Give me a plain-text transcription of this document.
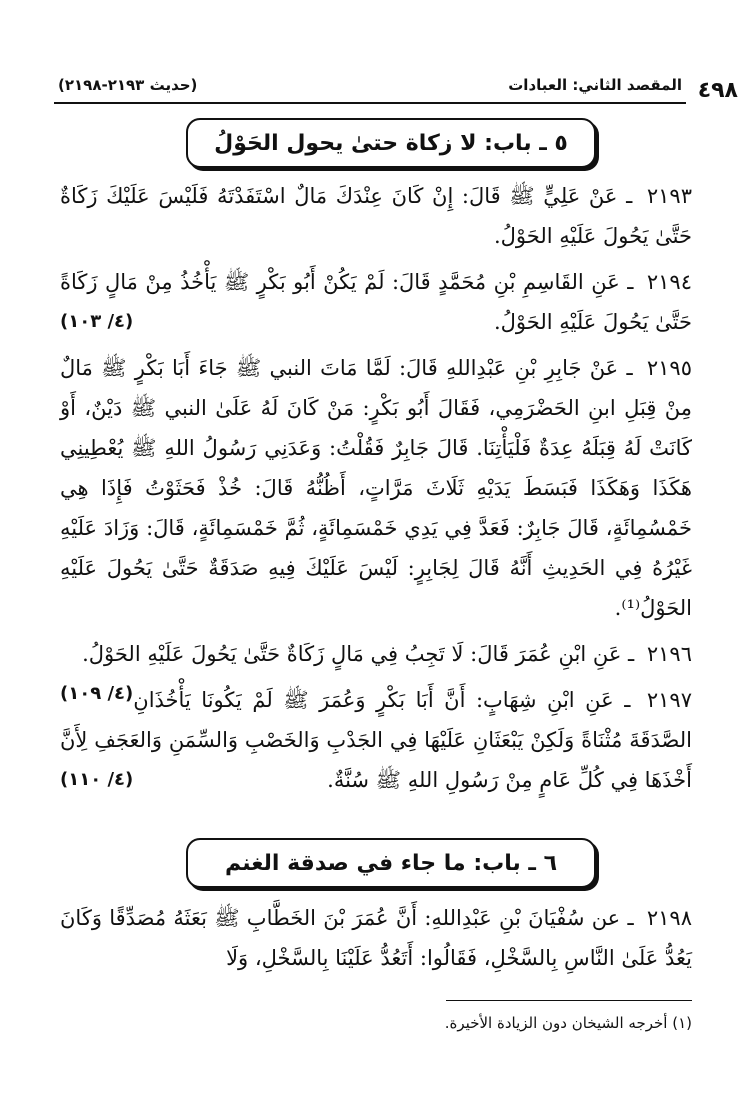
٤٩٨
المقصد الثاني: العبادات
(حديث ٢١٩٣-٢١٩٨)
٥ ـ باب: لا زكاة حتىٰ يحول الحَوْلُ

٢١٩٣ ـ عَنْ عَلِيٍّ ﷺ قَالَ: إِنْ كَانَ عِنْدَكَ مَالٌ اسْتَفَدْتَهُ فَلَيْسَ عَلَيْكَ زَكَاةٌ حَتَّىٰ يَحُولَ عَلَيْهِ الحَوْلُ.

٢١٩٤ ـ عَنِ القَاسِمِ بْنِ مُحَمَّدٍ قَالَ: لَمْ يَكُنْ أَبُو بَكْرٍ ﷺ يَأْخُذُ مِنْ مَالٍ زَكَاةً حَتَّىٰ يَحُولَ عَلَيْهِ الحَوْلُ.
(٤/ ١٠٣)

٢١٩٥ ـ عَنْ جَابِرِ بْنِ عَبْدِاللهِ قَالَ: لَمَّا مَاتَ النبي ﷺ جَاءَ أَبَا بَكْرٍ ﷺ مَالٌ مِنْ قِبَلِ ابنِ الحَضْرَمِي، فَقَالَ أَبُو بَكْرٍ: مَنْ كَانَ لَهُ عَلَىٰ النبي ﷺ دَيْنٌ، أَوْ كَانَتْ لَهُ قِبَلَهُ عِدَةٌ فَلْيَأْتِنَا. قَالَ جَابِرٌ فَقُلْتُ: وَعَدَنِي رَسُولُ اللهِ ﷺ يُعْطِينِي هَكَذَا وَهَكَذَا فَبَسَطَ يَدَيْهِ ثَلَاثَ مَرَّاتٍ، أَظُنُّهُ قَالَ: خُذْ فَحَثَوْتُ فَإِذَا هِي خَمْسُمِائَةٍ، قَالَ جَابِرٌ: فَعَدَّ فِي يَدِي خَمْسَمِائَةٍ، ثُمَّ خَمْسَمِائَةٍ، قَالَ: وَزَادَ عَلَيْهِ غَيْرُهُ فِي الحَدِيثِ أَنَّهُ قَالَ لِجَابِرٍ: لَيْسَ عَلَيْكَ فِيهِ صَدَقَةٌ حَتَّىٰ يَحُولَ عَلَيْهِ الحَوْلُ⁽¹⁾.

٢١٩٦ ـ عَنِ ابْنِ عُمَرَ قَالَ: لَا تَجِبُ فِي مَالٍ زَكَاةٌ حَتَّىٰ يَحُولَ عَلَيْهِ الحَوْلُ.
(٤/ ١٠٩)	٢١٩٧ ـ عَنِ ابْنِ شِهَابٍ: أَنَّ أَبَا بَكْرٍ وَعُمَرَ ﷺ لَمْ يَكُونَا يَأْخُذَانِ الصَّدَقَةَ مُثْنَاةً وَلَكِنْ يَبْعَثَانِ عَلَيْهَا فِي الجَدْبِ وَالخَصْبِ وَالسِّمَنِ وَالعَجَفِ لِأَنَّ أَخْذَهَا فِي كُلِّ عَامٍ مِنْ رَسُولِ اللهِ ﷺ سُنَّةٌ.
(٤/ ١١٠)

٦ ـ باب: ما جاء في صدقة الغنم

٢١٩٨ ـ عن سُفْيَانَ بْنِ عَبْدِاللهِ: أَنَّ عُمَرَ بْنَ الخَطَّابِ ﷺ بَعَثَهُ مُصَدِّقًا وَكَانَ يَعُدُّ عَلَىٰ النَّاسِ بِالسَّخْلِ، فَقَالُوا: أَتَعُدُّ عَلَيْنَا بِالسَّخْلِ، وَلَا

(١) أخرجه الشيخان دون الزيادة الأخيرة.
